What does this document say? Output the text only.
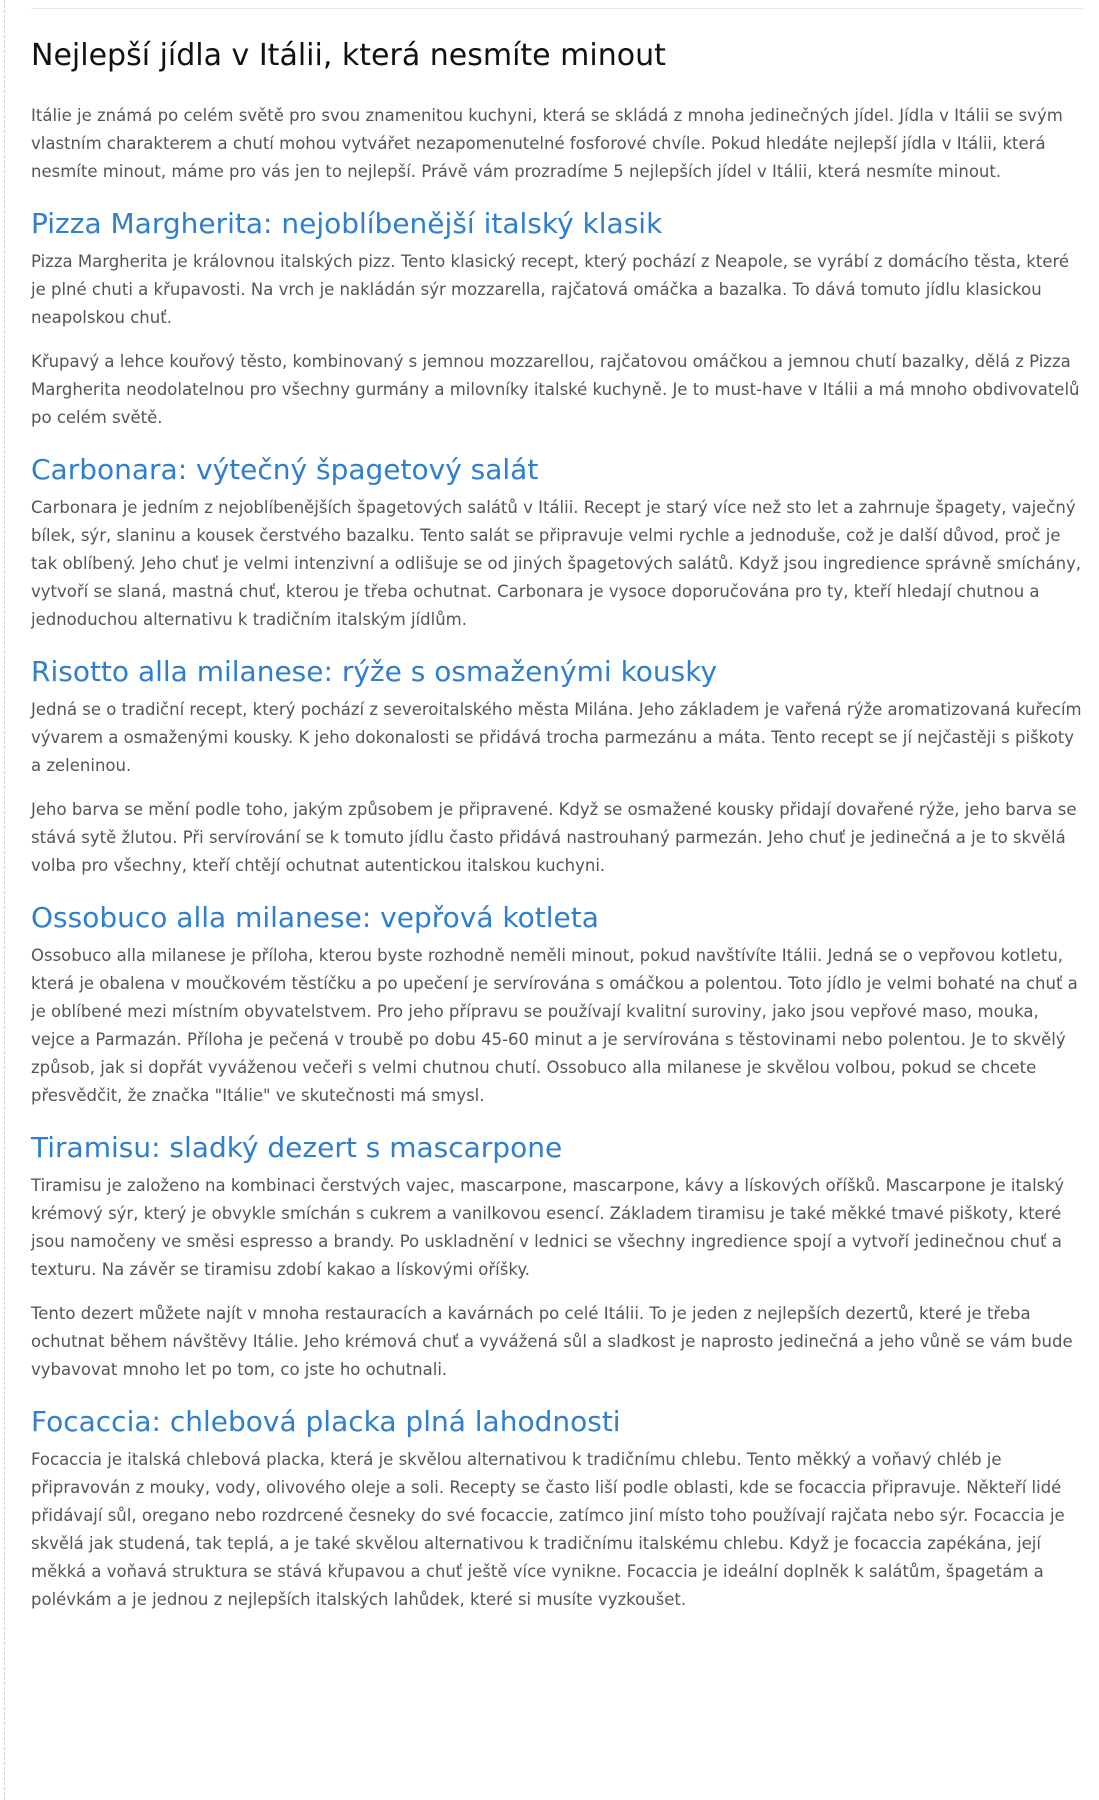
Nejlepší jídla v Itálii, která nesmíte minout

Itálie je známá po celém světě pro svou znamenitou kuchyni, která se skládá z mnoha jedinečných jídel. Jídla v Itálii se svým vlastním charakterem a chutí mohou vytvářet nezapomenutelné fosforové chvíle. Pokud hledáte nejlepší jídla v Itálii, která nesmíte minout, máme pro vás jen to nejlepší. Právě vám prozradíme 5 nejlepších jídel v Itálii, která nesmíte minout.

Pizza Margherita: nejoblíbenější italský klasik

Pizza Margherita je královnou italských pizz. Tento klasický recept, který pochází z Neapole, se vyrábí z domácího těsta, které je plné chuti a křupavosti. Na vrch je nakládán sýr mozzarella, rajčatová omáčka a bazalka. To dává tomuto jídlu klasickou neapolskou chuť.

Křupavý a lehce kouřový těsto, kombinovaný s jemnou mozzarellou, rajčatovou omáčkou a jemnou chutí bazalky, dělá z Pizza Margherita neodolatelnou pro všechny gurmány a milovníky italské kuchyně. Je to must-have v Itálii a má mnoho obdivovatelů po celém světě.

Carbonara: výtečný špagetový salát

Carbonara je jedním z nejoblíbenějších špagetových salátů v Itálii. Recept je starý více než sto let a zahrnuje špagety, vaječný bílek, sýr, slaninu a kousek čerstvého bazalku. Tento salát se připravuje velmi rychle a jednoduše, což je další důvod, proč je tak oblíbený. Jeho chuť je velmi intenzivní a odlišuje se od jiných špagetových salátů. Když jsou ingredience správně smíchány, vytvoří se slaná, mastná chuť, kterou je třeba ochutnat. Carbonara je vysoce doporučována pro ty, kteří hledají chutnou a jednoduchou alternativu k tradičním italským jídlům.

Risotto alla milanese: rýže s osmaženými kousky

Jedná se o tradiční recept, který pochází z severoitalského města Milána. Jeho základem je vařená rýže aromatizovaná kuřecím vývarem a osmaženými kousky. K jeho dokonalosti se přidává trocha parmezánu a máta. Tento recept se jí nejčastěji s piškoty a zeleninou.

Jeho barva se mění podle toho, jakým způsobem je připravené. Když se osmažené kousky přidají dovařené rýže, jeho barva se stává sytě žlutou. Při servírování se k tomuto jídlu často přidává nastrouhaný parmezán. Jeho chuť je jedinečná a je to skvělá volba pro všechny, kteří chtějí ochutnat autentickou italskou kuchyni.

Ossobuco alla milanese: vepřová kotleta

Ossobuco alla milanese je příloha, kterou byste rozhodně neměli minout, pokud navštívíte Itálii. Jedná se o vepřovou kotletu, která je obalena v moučkovém těstíčku a po upečení je servírována s omáčkou a polentou. Toto jídlo je velmi bohaté na chuť a je oblíbené mezi místním obyvatelstvem. Pro jeho přípravu se používají kvalitní suroviny, jako jsou vepřové maso, mouka, vejce a Parmazán. Příloha je pečená v troubě po dobu 45-60 minut a je servírována s těstovinami nebo polentou. Je to skvělý způsob, jak si dopřát vyváženou večeři s velmi chutnou chutí. Ossobuco alla milanese je skvělou volbou, pokud se chcete přesvědčit, že značka "Itálie" ve skutečnosti má smysl.

Tiramisu: sladký dezert s mascarpone

Tiramisu je založeno na kombinaci čerstvých vajec, mascarpone, mascarpone, kávy a lískových oříšků. Mascarpone je italský krémový sýr, který je obvykle smíchán s cukrem a vanilkovou esencí. Základem tiramisu je také měkké tmavé piškoty, které jsou namočeny ve směsi espresso a brandy. Po uskladnění v lednici se všechny ingredience spojí a vytvoří jedinečnou chuť a texturu. Na závěr se tiramisu zdobí kakao a lískovými oříšky.

Tento dezert můžete najít v mnoha restauracích a kavárnách po celé Itálii. To je jeden z nejlepších dezertů, které je třeba ochutnat během návštěvy Itálie. Jeho krémová chuť a vyvážená sůl a sladkost je naprosto jedinečná a jeho vůně se vám bude vybavovat mnoho let po tom, co jste ho ochutnali.

Focaccia: chlebová placka plná lahodnosti

Focaccia je italská chlebová placka, která je skvělou alternativou k tradičnímu chlebu. Tento měkký a voňavý chléb je připravován z mouky, vody, olivového oleje a soli. Recepty se často liší podle oblasti, kde se focaccia připravuje. Někteří lidé přidávají sůl, oregano nebo rozdrcené česneky do své focaccie, zatímco jiní místo toho používají rajčata nebo sýr. Focaccia je skvělá jak studená, tak teplá, a je také skvělou alternativou k tradičnímu italskému chlebu. Když je focaccia zapékána, její měkká a voňavá struktura se stává křupavou a chuť ještě více vynikne. Focaccia je ideální doplněk k salátům, špagetám a polévkám a je jednou z nejlepších italských lahůdek, které si musíte vyzkoušet.
